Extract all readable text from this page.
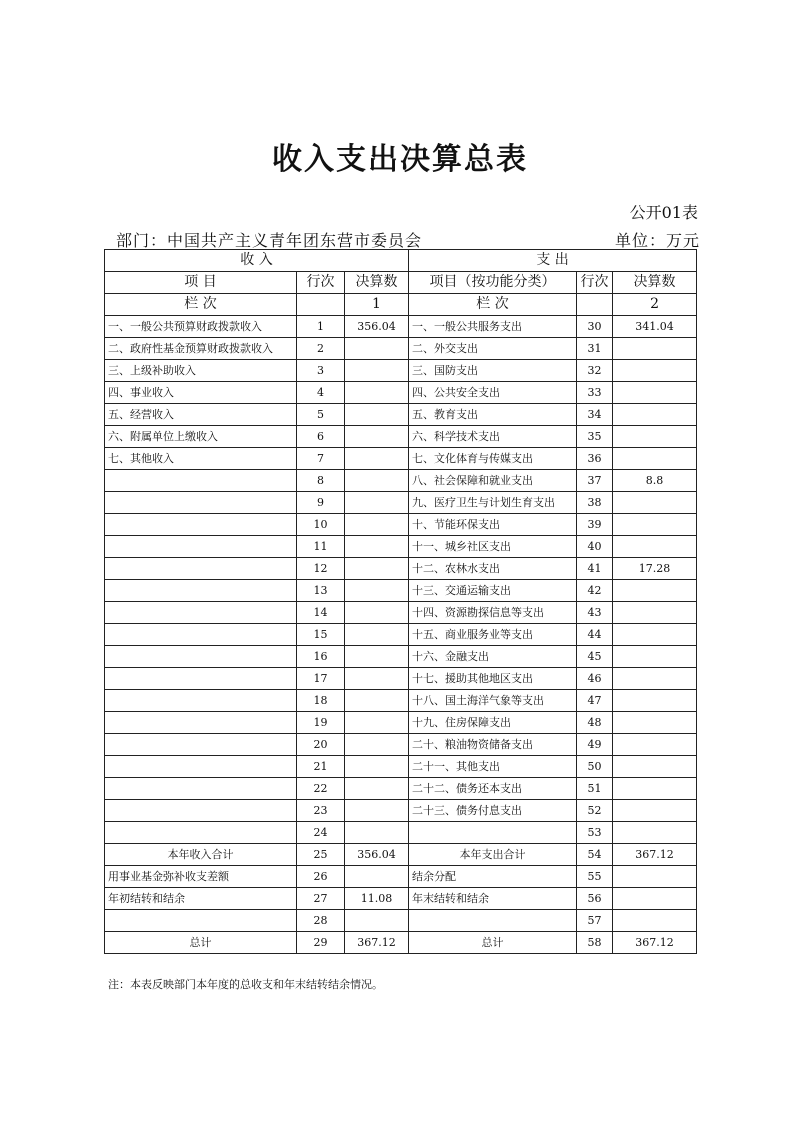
收入支出决算总表
公开01表
部门：中国共产主义青年团东营市委员会	单位：万元
收 入			支 出		
项 目	行次	决算数	项目（按功能分类）	行次	决算数
栏 次		1	栏 次		2
一、一般公共预算财政拨款收入	1	356.04	一、一般公共服务支出	30	341.04
二、政府性基金预算财政拨款收入	2		二、外交支出	31	
三、上级补助收入	3		三、国防支出	32	
四、事业收入	4		四、公共安全支出	33	
五、经营收入	5		五、教育支出	34	
六、附属单位上缴收入	6		六、科学技术支出	35	
七、其他收入	7		七、文化体育与传媒支出	36	
	8		八、社会保障和就业支出	37	8.8
	9		九、医疗卫生与计划生育支出	38	
	10		十、节能环保支出	39	
	11		十一、城乡社区支出	40	
	12		十二、农林水支出	41	17.28
	13		十三、交通运输支出	42	
	14		十四、资源勘探信息等支出	43	
	15		十五、商业服务业等支出	44	
	16		十六、金融支出	45	
	17		十七、援助其他地区支出	46	
	18		十八、国土海洋气象等支出	47	
	19		十九、住房保障支出	48	
	20		二十、粮油物资储备支出	49	
	21		二十一、其他支出	50	
	22		二十二、债务还本支出	51	
	23		二十三、债务付息支出	52	
	24			53	
本年收入合计	25	356.04	本年支出合计	54	367.12
用事业基金弥补收支差额	26		结余分配	55	
年初结转和结余	27	11.08	年末结转和结余	56	
	28			57	
总计	29	367.12	总计	58	367.12
注：本表反映部门本年度的总收支和年末结转结余情况。
